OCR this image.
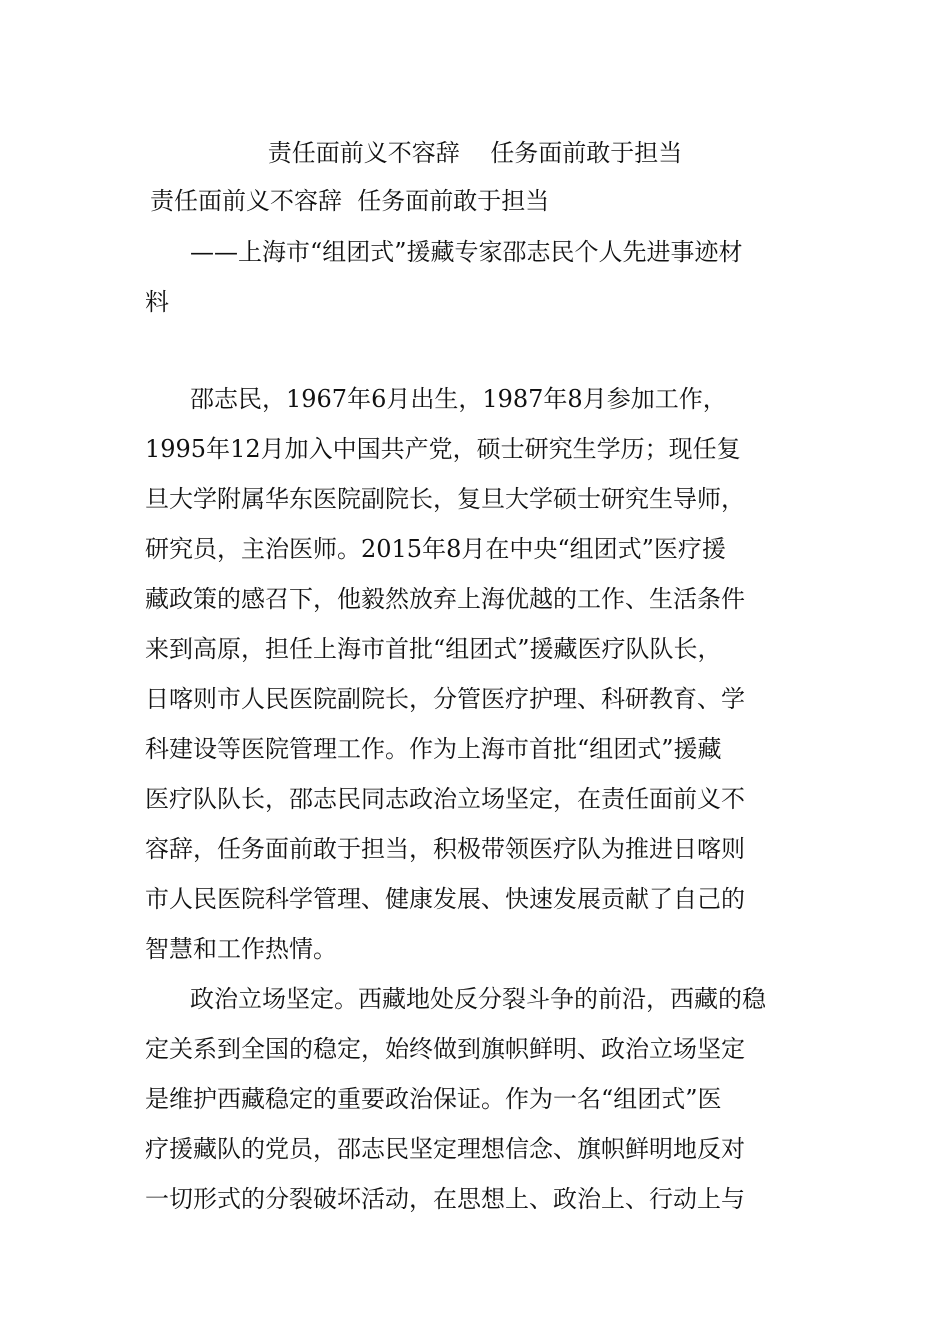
责任面前义不容辞    任务面前敢于担当
责任面前义不容辞  任务面前敢于担当
——上海市“组团式”援藏专家邵志民个人先进事迹材
料
邵志民，1967年6月出生，1987年8月参加工作，
1995年12月加入中国共产党，硕士研究生学历；现任复
旦大学附属华东医院副院长，复旦大学硕士研究生导师，
研究员，主治医师。2015年8月在中央“组团式”医疗援
藏政策的感召下，他毅然放弃上海优越的工作、生活条件
来到高原，担任上海市首批“组团式”援藏医疗队队长，
日喀则市人民医院副院长，分管医疗护理、科研教育、学
科建设等医院管理工作。作为上海市首批“组团式”援藏
医疗队队长，邵志民同志政治立场坚定，在责任面前义不
容辞，任务面前敢于担当，积极带领医疗队为推进日喀则
市人民医院科学管理、健康发展、快速发展贡献了自己的
智慧和工作热情。
政治立场坚定。西藏地处反分裂斗争的前沿，西藏的稳
定关系到全国的稳定，始终做到旗帜鲜明、政治立场坚定
是维护西藏稳定的重要政治保证。作为一名“组团式”医
疗援藏队的党员，邵志民坚定理想信念、旗帜鲜明地反对
一切形式的分裂破坏活动，在思想上、政治上、行动上与
